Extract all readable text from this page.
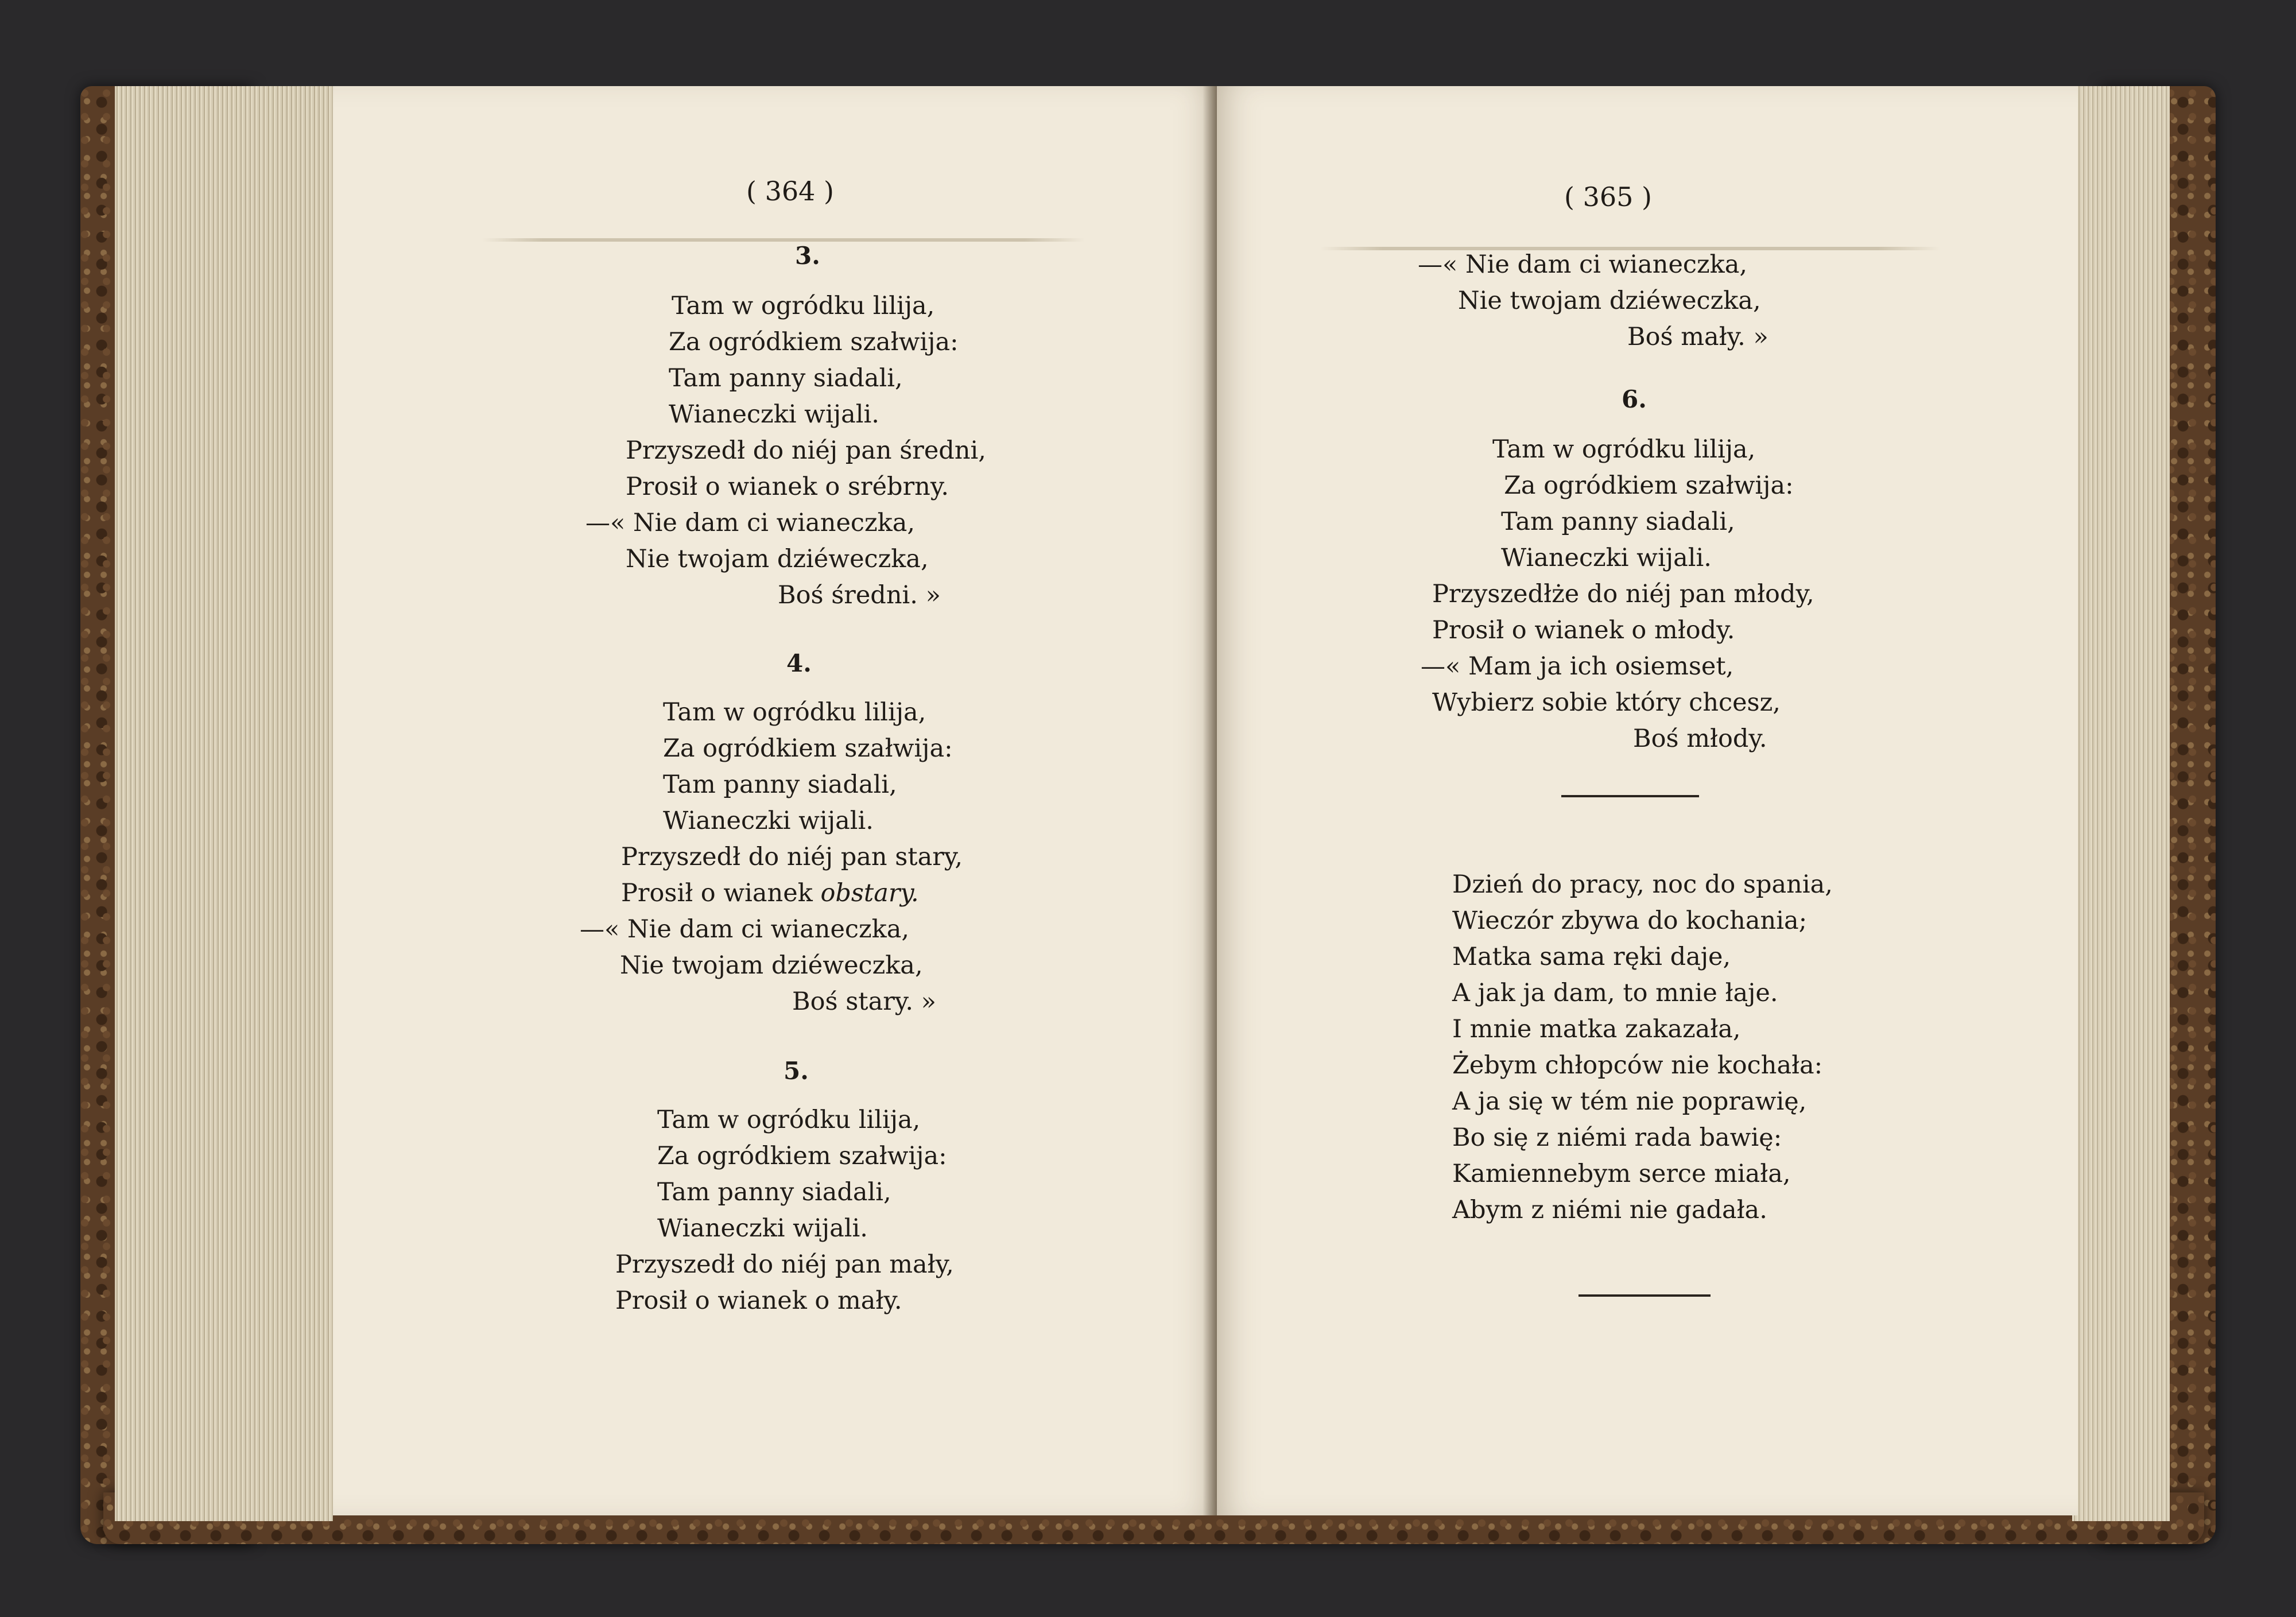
( 364 )
3.
Tam w ogródku lilija,
Za ogródkiem szałwija:
Tam panny siadali,
Wianeczki wijali.
Przyszedł do niéj pan średni,
Prosił o wianek o srébrny.
—« Nie dam ci wianeczka,
Nie twojam dziéweczka,
Boś średni. »
4.
Tam w ogródku lilija,
Za ogródkiem szałwija:
Tam panny siadali,
Wianeczki wijali.
Przyszedł do niéj pan stary,
Prosił o wianek obstary.
—« Nie dam ci wianeczka,
Nie twojam dziéweczka,
Boś stary. »
5.
Tam w ogródku lilija,
Za ogródkiem szałwija:
Tam panny siadali,
Wianeczki wijali.
Przyszedł do niéj pan mały,
Prosił o wianek o mały.
( 365 )
—« Nie dam ci wianeczka,
Nie twojam dziéweczka,
Boś mały. »
6.
Tam w ogródku lilija,
Za ogródkiem szałwija:
Tam panny siadali,
Wianeczki wijali.
Przyszedłże do niéj pan młody,
Prosił o wianek o młody.
—« Mam ja ich osiemset,
Wybierz sobie który chcesz,
Boś młody.
Dzień do pracy, noc do spania,
Wieczór zbywa do kochania;
Matka sama ręki daje,
A jak ja dam, to mnie łaje.
I mnie matka zakazała,
Żebym chłopców nie kochała:
A ja się w tém nie poprawię,
Bo się z niémi rada bawię:
Kamiennebym serce miała,
Abym z niémi nie gadała.
